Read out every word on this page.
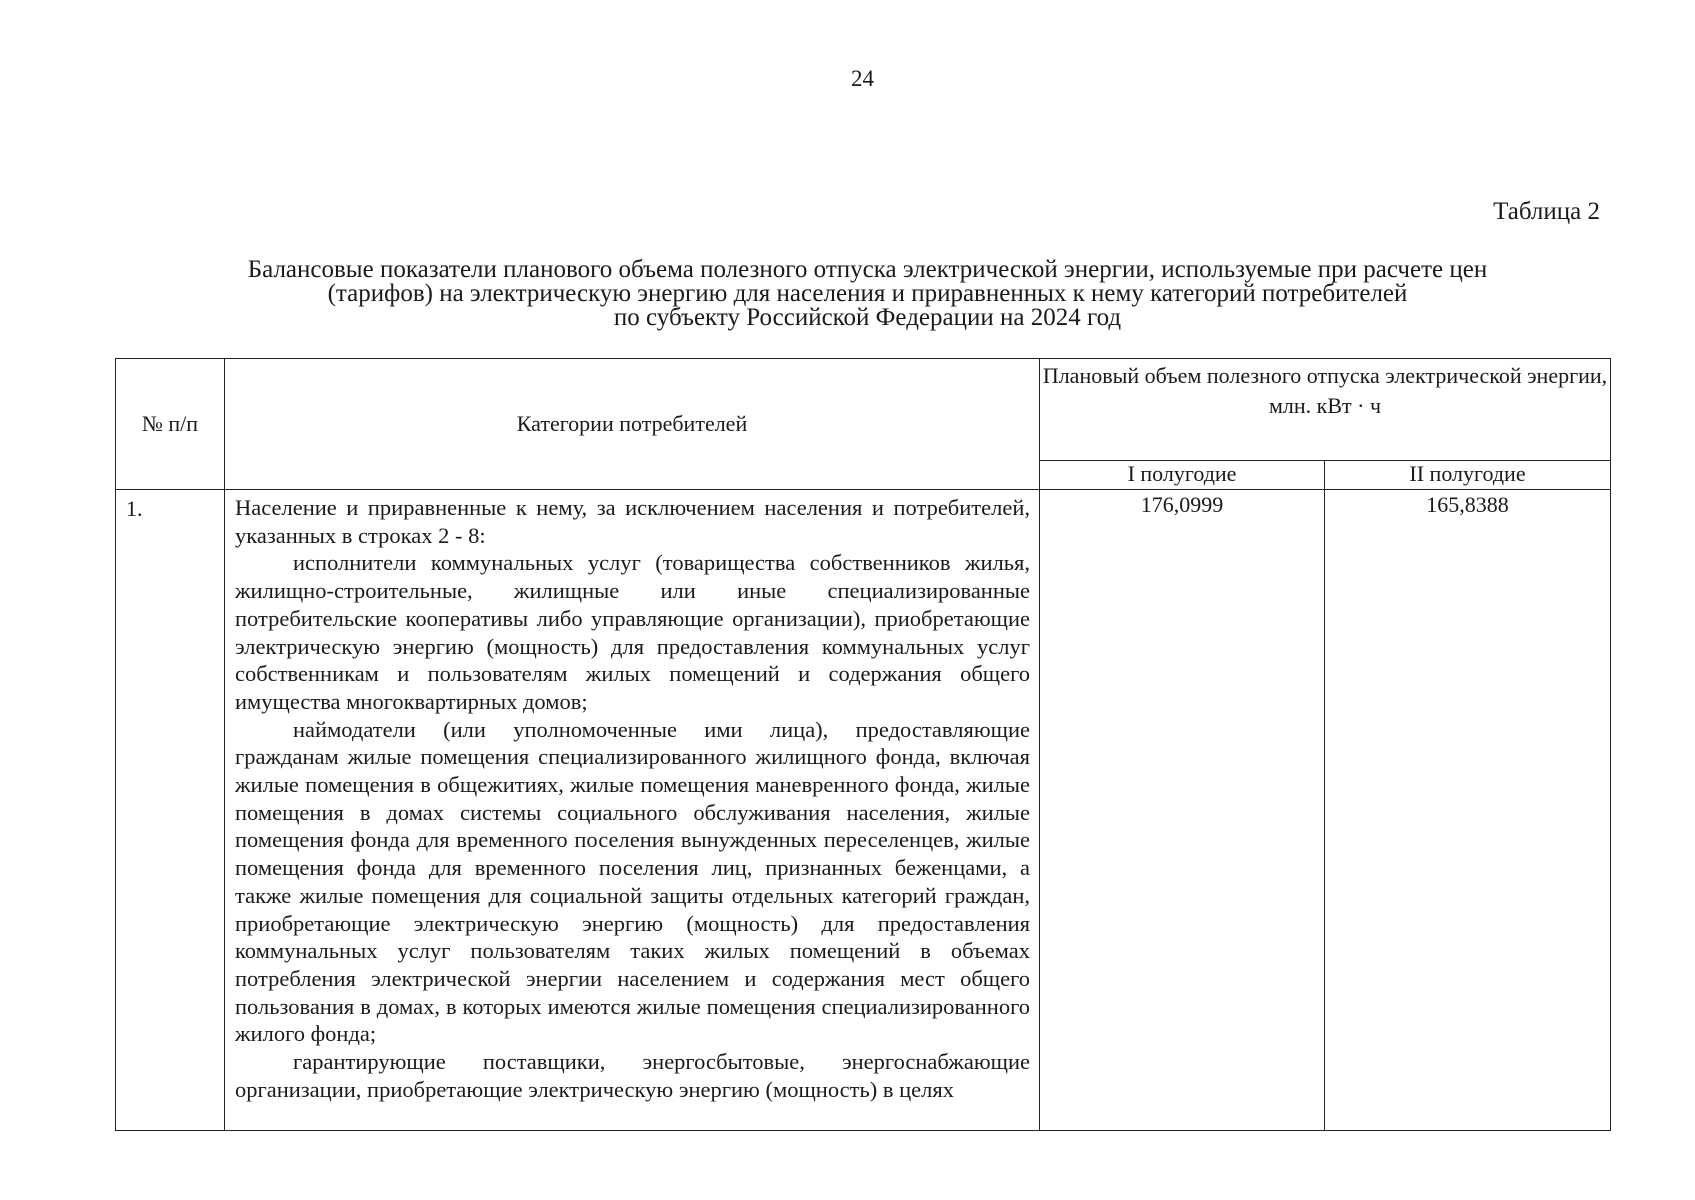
24
Таблица 2
Балансовые показатели планового объема полезного отпуска электрической энергии, используемые при расчете цен
(тарифов) на электрическую энергию для населения и приравненных к нему категорий потребителей
по субъекту Российской Федерации на 2024 год
№ п/п	Категории потребителей	Плановый объем полезного отпуска электрической энергии, млн. кВт · ч	
		I полугодие	II полугодие
1.	Население и приравненные к нему, за исключением населения и потребителей, указанных в строках 2 - 8:

исполнители коммунальных услуг (товарищества собственников жилья, жилищно-строительные, жилищные или иные специализированные потребительские кооперативы либо управляющие организации), приобретающие электрическую энергию (мощность) для предоставления коммунальных услуг собственникам и пользователям жилых помещений и содержания общего имущества многоквартирных домов;

наймодатели (или уполномоченные ими лица), предоставляющие гражданам жилые помещения специализированного жилищного фонда, включая жилые помещения в общежитиях, жилые помещения маневренного фонда, жилые помещения в домах системы социального обслуживания населения, жилые помещения фонда для временного поселения вынужденных переселенцев, жилые помещения фонда для временного поселения лиц, признанных беженцами, а также жилые помещения для социальной защиты отдельных категорий граждан, приобретающие электрическую энергию (мощность) для предоставления коммунальных услуг пользователям таких жилых помещений в объемах потребления электрической энергии населением и содержания мест общего пользования в домах, в которых имеются жилые помещения специализированного жилого фонда;

гарантирующие поставщики, энергосбытовые, энергоснабжающие организации, приобретающие электрическую энергию (мощность) в целях	176,0999	165,8388
